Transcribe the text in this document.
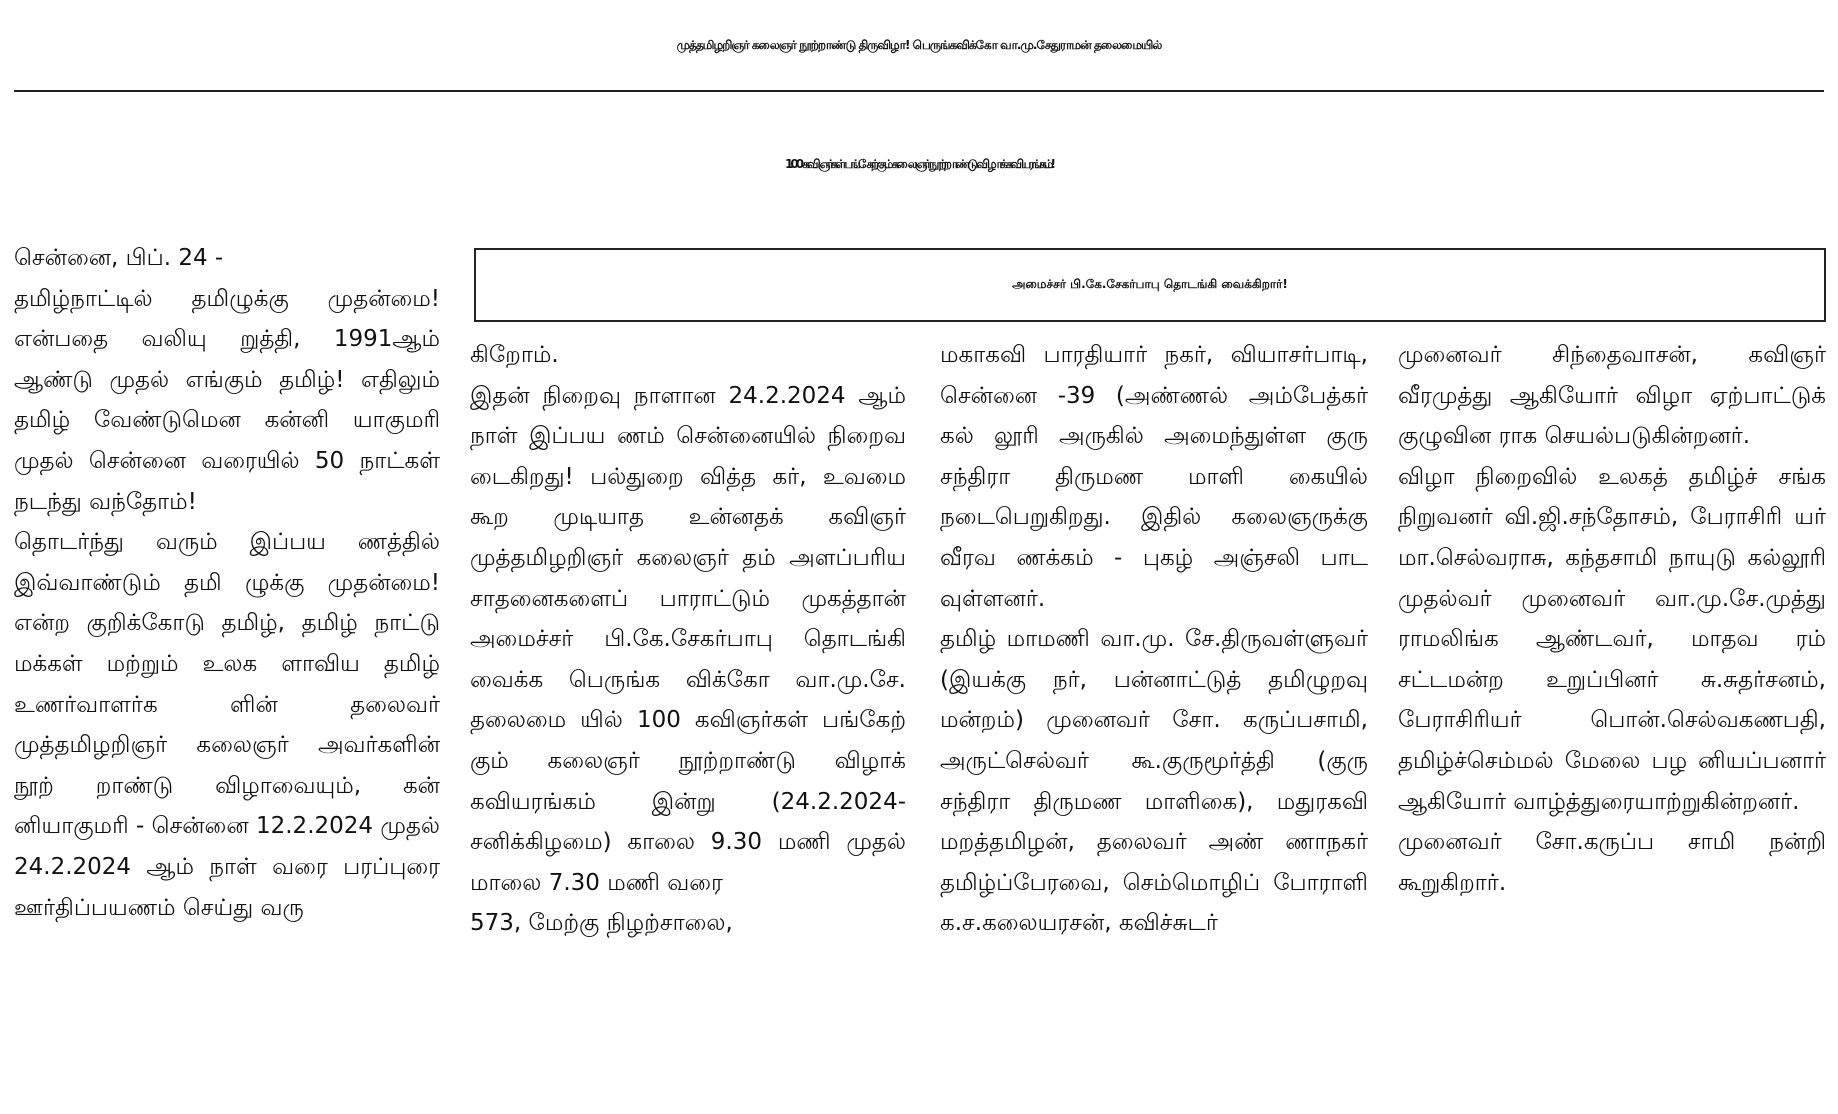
முத்தமிழறிஞர் கலைஞர் நூற்றாண்டு திருவிழா! பெருங்கவிக்கோ வா.மு.சேதுராமன் தலைமையில்
100 கவிஞர்கள் பங்கேற்கும் கலைஞர் நூற்றாண்டு விழாக் கவியரங்கம்!
சென்னை, பிப். 24 -
தமிழ்நாட்டில் தமிழுக்கு முதன்மை! என்பதை வலியு றுத்தி, 1991ஆம் ஆண்டு முதல் எங்கும் தமிழ்! எதிலும் தமிழ் வேண்டுமென கன்னி யாகுமரி முதல் சென்னை வரையில் 50 நாட்கள் நடந்து வந்தோம்!
தொடர்ந்து வரும் இப்பய ணத்தில் இவ்வாண்டும் தமி ழுக்கு முதன்மை! என்ற குறிக்கோடு தமிழ், தமிழ் நாட்டு மக்கள் மற்றும் உலக ளாவிய தமிழ் உணர்வாளர்க ளின் தலைவர் முத்தமிழறிஞர் கலைஞர் அவர்களின் நூற் றாண்டு விழாவையும், கன் னியாகுமரி - சென்னை 12.2.2024 முதல் 24.2.2024 ஆம் நாள் வரை பரப்புரை ஊர்திப்பயணம் செய்து வரு
அமைச்சர் பி.கே.சேகர்பாபு தொடங்கி வைக்கிறார்!
கிறோம்.
இதன் நிறைவு நாளான 24.2.2024 ஆம் நாள் இப்பய ணம் சென்னையில் நிறைவ டைகிறது! பல்துறை வித்த கர், உவமை கூற முடியாத உன்னதக் கவிஞர் முத்தமிழறிஞர் கலைஞர் தம் அளப்பரிய சாதனைகளைப் பாராட்டும் முகத்தான் அமைச்சர் பி.கே.சேகர்பாபு தொடங்கி வைக்க பெருங்க விக்கோ வா.மு.சே. தலைமை யில் 100 கவிஞர்கள் பங்கேற் கும் கலைஞர் நூற்றாண்டு விழாக் கவியரங்கம் இன்று (24.2.2024-சனிக்கிழமை) காலை 9.30 மணி முதல் மாலை 7.30 மணி வரை
573, மேற்கு நிழற்சாலை,
மகாகவி பாரதியார் நகர், வியாசர்பாடி, சென்னை -39 (அண்ணல் அம்பேத்கர் கல் லூரி அருகில் அமைந்துள்ள குரு சந்திரா திருமண மாளி கையில் நடைபெறுகிறது. இதில் கலைஞருக்கு வீரவ ணக்கம் - புகழ் அஞ்சலி பாட வுள்ளனர்.
தமிழ் மாமணி வா.மு. சே.திருவள்ளுவர் (இயக்கு நர், பன்னாட்டுத் தமிழுறவு மன்றம்) முனைவர் சோ. கருப்பசாமி, அருட்செல்வர் கூ.குருமூர்த்தி (குரு சந்திரா திருமண மாளிகை), மதுரகவி மறத்தமிழன், தலைவர் அண் ணாநகர் தமிழ்ப்பேரவை, செம்மொழிப் போராளி க.ச.கலையரசன், கவிச்சுடர்
முனைவர் சிந்தைவாசன், கவிஞர் வீரமுத்து ஆகியோர் விழா ஏற்பாட்டுக் குழுவின ராக செயல்படுகின்றனர்.
விழா நிறைவில் உலகத் தமிழ்ச் சங்க நிறுவனர் வி.ஜி.சந்தோசம், பேராசிரி யர் மா.செல்வராசு, கந்தசாமி நாயுடு கல்லூரி முதல்வர் முனைவர் வா.மு.சே.முத்து ராமலிங்க ஆண்டவர், மாதவ ரம் சட்டமன்ற உறுப்பினர் சு.சுதர்சனம், பேராசிரியர் பொன்.செல்வகணபதி, தமிழ்ச்செம்மல் மேலை பழ னியப்பனார் ஆகியோர் வாழ்த்துரையாற்றுகின்றனர்.
முனைவர் சோ.கருப்ப சாமி நன்றி கூறுகிறார்.
